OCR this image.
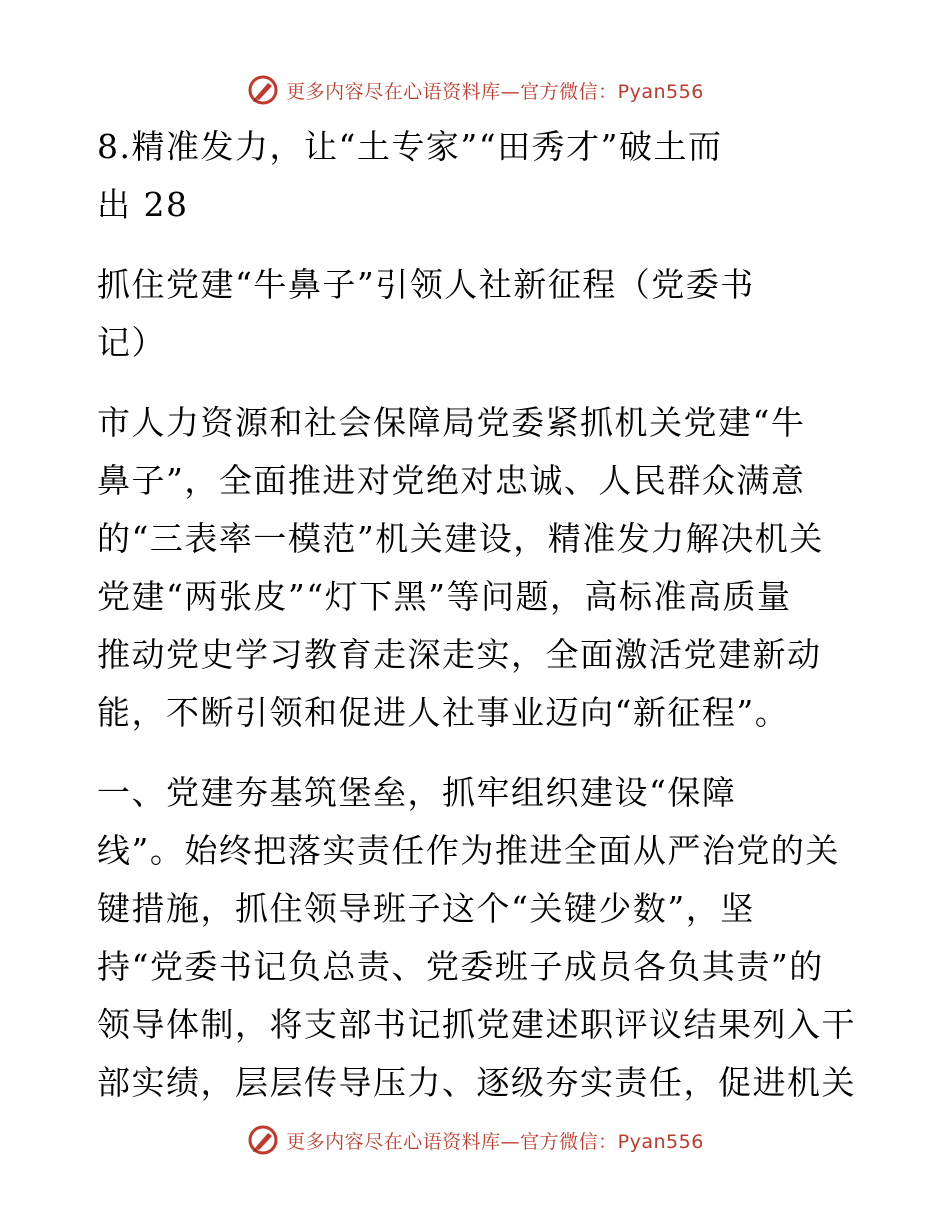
更多内容尽在心语资料库—官方微信：Pyan556
8.精准发力，让“土专家”“田秀才”破土而
出 28
抓住党建“牛鼻子”引领人社新征程（党委书
记）
市人力资源和社会保障局党委紧抓机关党建“牛
鼻子”，全面推进对党绝对忠诚、人民群众满意
的“三表率一模范”机关建设，精准发力解决机关
党建“两张皮”“灯下黑”等问题，高标准高质量
推动党史学习教育走深走实，全面激活党建新动
能，不断引领和促进人社事业迈向“新征程”。
一、党建夯基筑堡垒，抓牢组织建设“保障
线”。始终把落实责任作为推进全面从严治党的关
键措施，抓住领导班子这个“关键少数”，坚
持“党委书记负总责、党委班子成员各负其责”的
领导体制，将支部书记抓党建述职评议结果列入干
部实绩，层层传导压力、逐级夯实责任，促进机关
更多内容尽在心语资料库—官方微信：Pyan556
